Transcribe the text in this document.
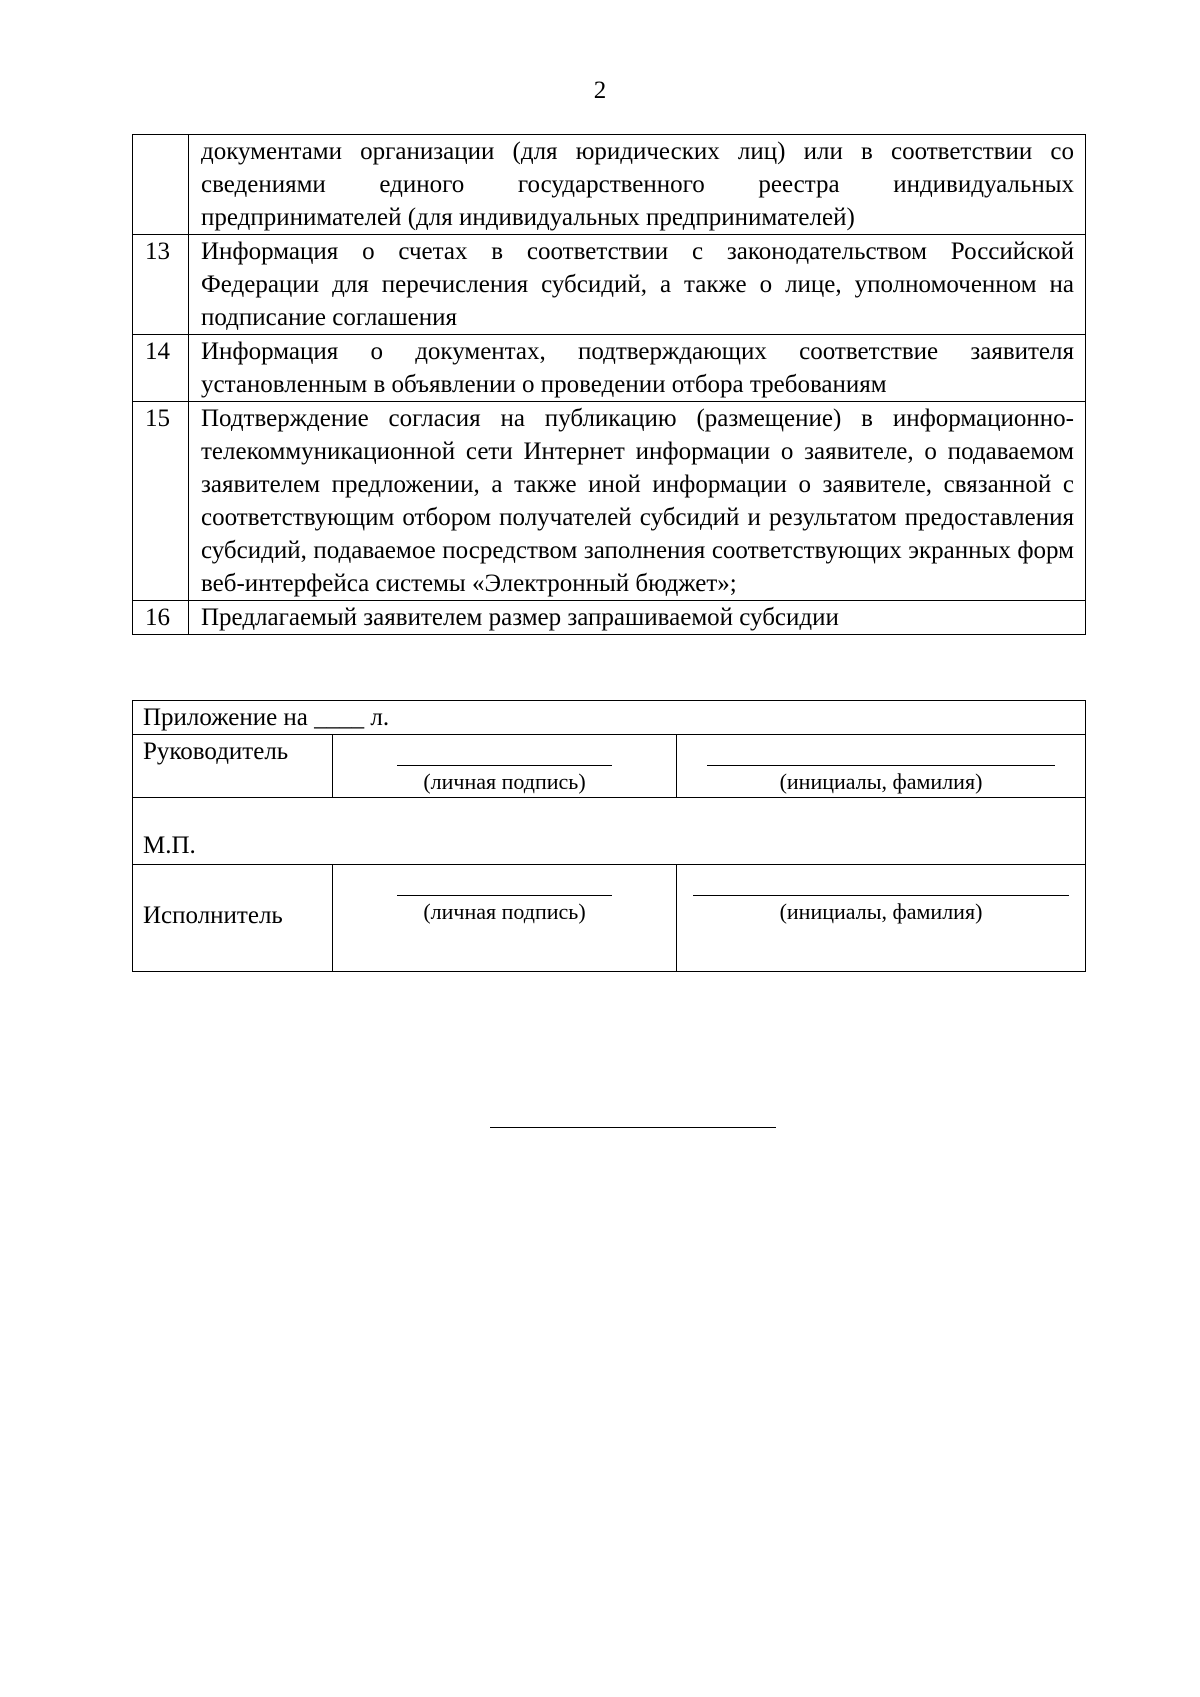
2
	документами организации (для юридических лиц) или в соответствии со сведениями единого государственного реестра индивидуальных предпринимателей (для индивидуальных предпринимателей)
13	Информация о счетах в соответствии с законодательством Российской Федерации для перечисления субсидий, а также о лице, уполномоченном на подписание соглашения
14	Информация о документах, подтверждающих соответствие заявителя установленным в объявлении о проведении отбора требованиям
15	Подтверждение согласия на публикацию (размещение) в информационно-телекоммуникационной сети Интернет информации о заявителе, о подаваемом заявителем предложении, а также иной информации о заявителе, связанной с соответствующим отбором получателей субсидий и результатом предоставления субсидий, подаваемое посредством заполнения соответствующих экранных форм веб-интерфейса системы «Электронный бюджет»;
16	Предлагаемый заявителем размер запрашиваемой субсидии
Приложение на ____ л.		

Руководитель	(личная подпись)	(инициалы, фамилия)

М.П.		

Исполнитель	(личная подпись)	(инициалы, фамилия)
